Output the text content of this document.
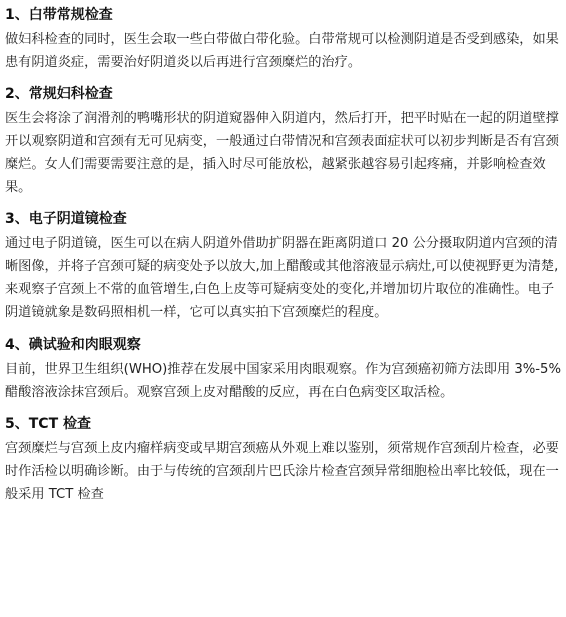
1、白带常规检查
做妇科检查的同时，医生会取一些白带做白带化验。白带常规可以检测阴道是否受到感染，如果患有阴道炎症，需要治好阴道炎以后再进行宫颈糜烂的治疗。
2、常规妇科检查
医生会将涂了润滑剂的鸭嘴形状的阴道窥器伸入阴道内，然后打开，把平时贴在一起的阴道壁撑开以观察阴道和宫颈有无可见病变，一般通过白带情况和宫颈表面症状可以初步判断是否有宫颈糜烂。女人们需要需要注意的是，插入时尽可能放松，越紧张越容易引起疼痛，并影响检查效果。
3、电子阴道镜检查
通过电子阴道镜，医生可以在病人阴道外借助扩阴器在距离阴道口 20 公分摄取阴道内宫颈的清晰图像，并将子宫颈可疑的病变处予以放大,加上醋酸或其他溶液显示病灶,可以使视野更为清楚,来观察子宫颈上不常的血管增生,白色上皮等可疑病变处的变化,并增加切片取位的准确性。电子阴道镜就象是数码照相机一样，它可以真实拍下宫颈糜烂的程度。
4、碘试验和肉眼观察
目前，世界卫生组织(WHO)推荐在发展中国家采用肉眼观察。作为宫颈癌初筛方法即用 3%-5%醋酸溶液涂抹宫颈后。观察宫颈上皮对醋酸的反应，再在白色病变区取活检。
5、TCT 检查
宫颈糜烂与宫颈上皮内瘤样病变或早期宫颈癌从外观上难以鉴别，须常规作宫颈刮片检查，必要时作活检以明确诊断。由于与传统的宫颈刮片巴氏涂片检查宫颈异常细胞检出率比较低，现在一般采用 TCT 检查
